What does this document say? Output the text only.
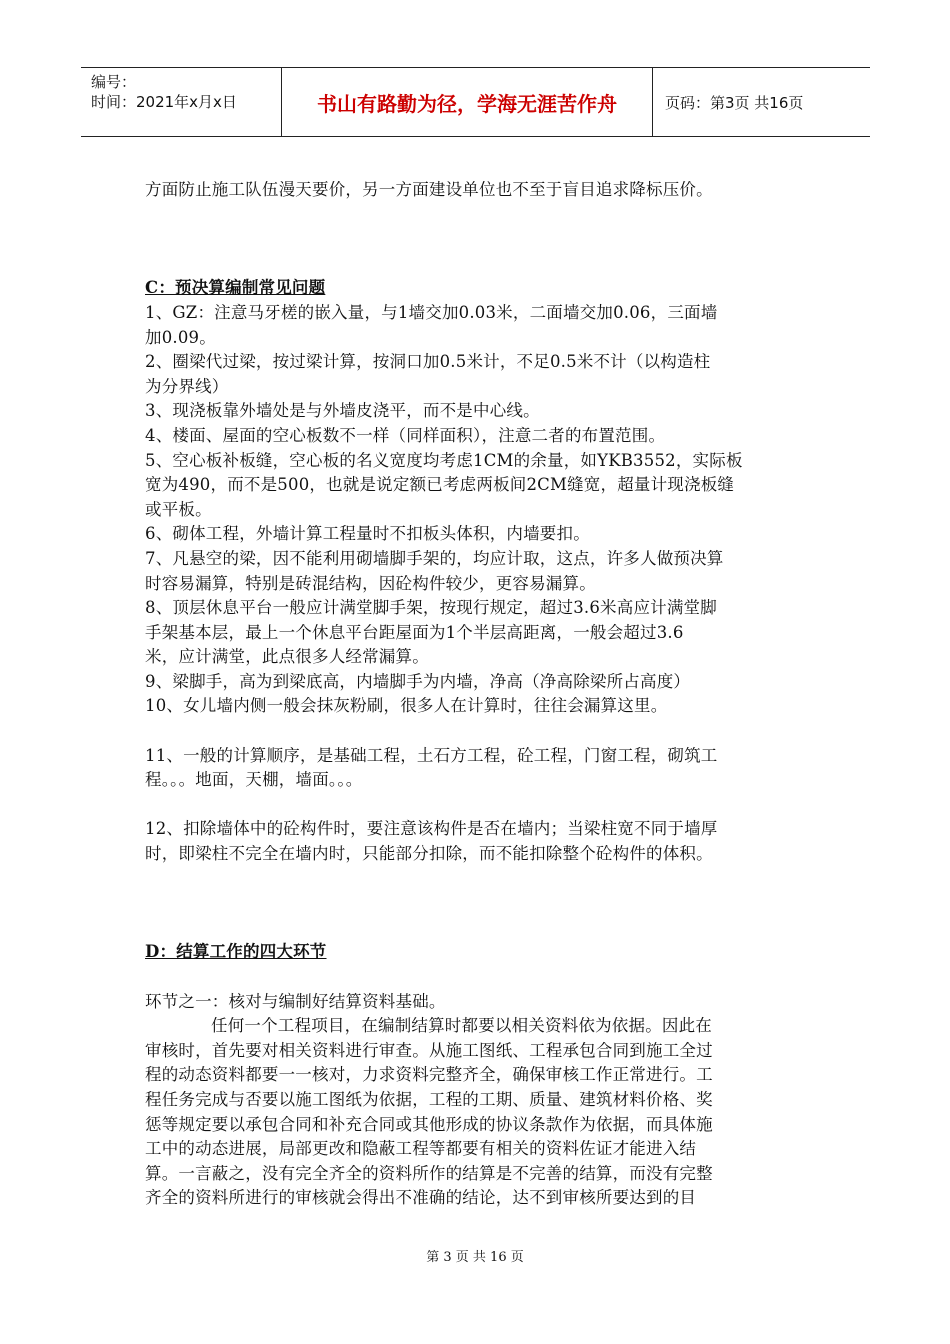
编号：
时间：2021年x月x日	书山有路勤为径，学海无涯苦作舟	页码：第3页 共16页
方面防止施工队伍漫天要价，另一方面建设单位也不至于盲目追求降标压价。
C：预决算编制常见问题
1、GZ：注意马牙槎的嵌入量，与1墙交加0.03米，二面墙交加0.06，三面墙
加0.09。
2、圈梁代过梁，按过梁计算，按洞口加0.5米计，不足0.5米不计（以构造柱
为分界线）
3、现浇板靠外墙处是与外墙皮浇平，而不是中心线。
4、楼面、屋面的空心板数不一样（同样面积），注意二者的布置范围。
5、空心板补板缝，空心板的名义宽度均考虑1CM的余量，如YKB3552，实际板
宽为490，而不是500，也就是说定额已考虑两板间2CM缝宽，超量计现浇板缝
或平板。
6、砌体工程，外墙计算工程量时不扣板头体积，内墙要扣。
7、凡悬空的梁，因不能利用砌墙脚手架的，均应计取，这点，许多人做预决算
时容易漏算，特别是砖混结构，因砼构件较少，更容易漏算。
8、顶层休息平台一般应计满堂脚手架，按现行规定，超过3.6米高应计满堂脚
手架基本层，最上一个休息平台距屋面为1个半层高距离，一般会超过3.6
米，应计满堂，此点很多人经常漏算。
9、梁脚手，高为到梁底高，内墙脚手为内墙，净高（净高除梁所占高度）
10、女儿墙内侧一般会抹灰粉刷，很多人在计算时，往往会漏算这里。
11、一般的计算顺序，是基础工程，土石方工程，砼工程，门窗工程，砌筑工
程。。。地面，天棚，墙面。。。
12、扣除墙体中的砼构件时，要注意该构件是否在墙内；当梁柱宽不同于墙厚
时，即梁柱不完全在墙内时，只能部分扣除，而不能扣除整个砼构件的体积。
D：结算工作的四大环节
环节之一：核对与编制好结算资料基础。
任何一个工程项目，在编制结算时都要以相关资料依为依据。因此在
审核时，首先要对相关资料进行审查。从施工图纸、工程承包合同到施工全过
程的动态资料都要一一核对，力求资料完整齐全，确保审核工作正常进行。工
程任务完成与否要以施工图纸为依据，工程的工期、质量、建筑材料价格、奖
惩等规定要以承包合同和补充合同或其他形成的协议条款作为依据，而具体施
工中的动态进展，局部更改和隐蔽工程等都要有相关的资料佐证才能进入结
算。一言蔽之，没有完全齐全的资料所作的结算是不完善的结算，而没有完整
齐全的资料所进行的审核就会得出不准确的结论，达不到审核所要达到的目
第 3 页 共 16 页
